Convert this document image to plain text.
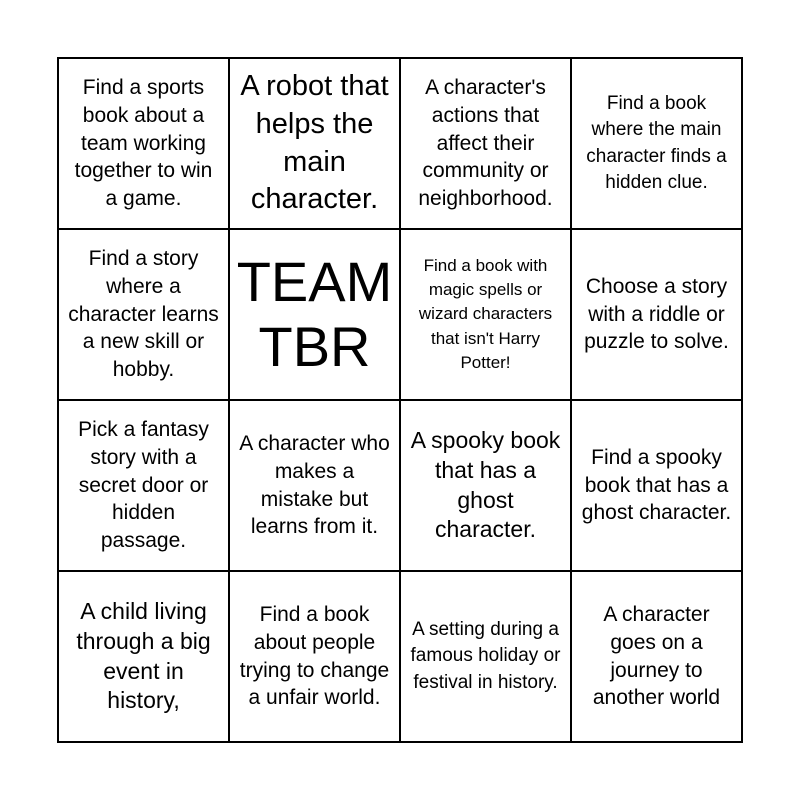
Find a sports book about a team working together to win a game.
A robot that helps the main character.
A character's actions that affect their community or neighborhood.
Find a book where the main character finds a hidden clue.
Find a story where a character learns a new skill or hobby.
TEAM TBR
Find a book with magic spells or wizard characters that isn't Harry Potter!
Choose a story with a riddle or puzzle to solve.
Pick a fantasy story with a secret door or hidden passage.
A character who makes a mistake but learns from it.
A spooky book that has a ghost character.
Find a spooky book that has a ghost character.
A child living through a big event in history,
Find a book about people trying to change a unfair world.
A setting during a famous holiday or festival in history.
A character goes on a journey to another world
